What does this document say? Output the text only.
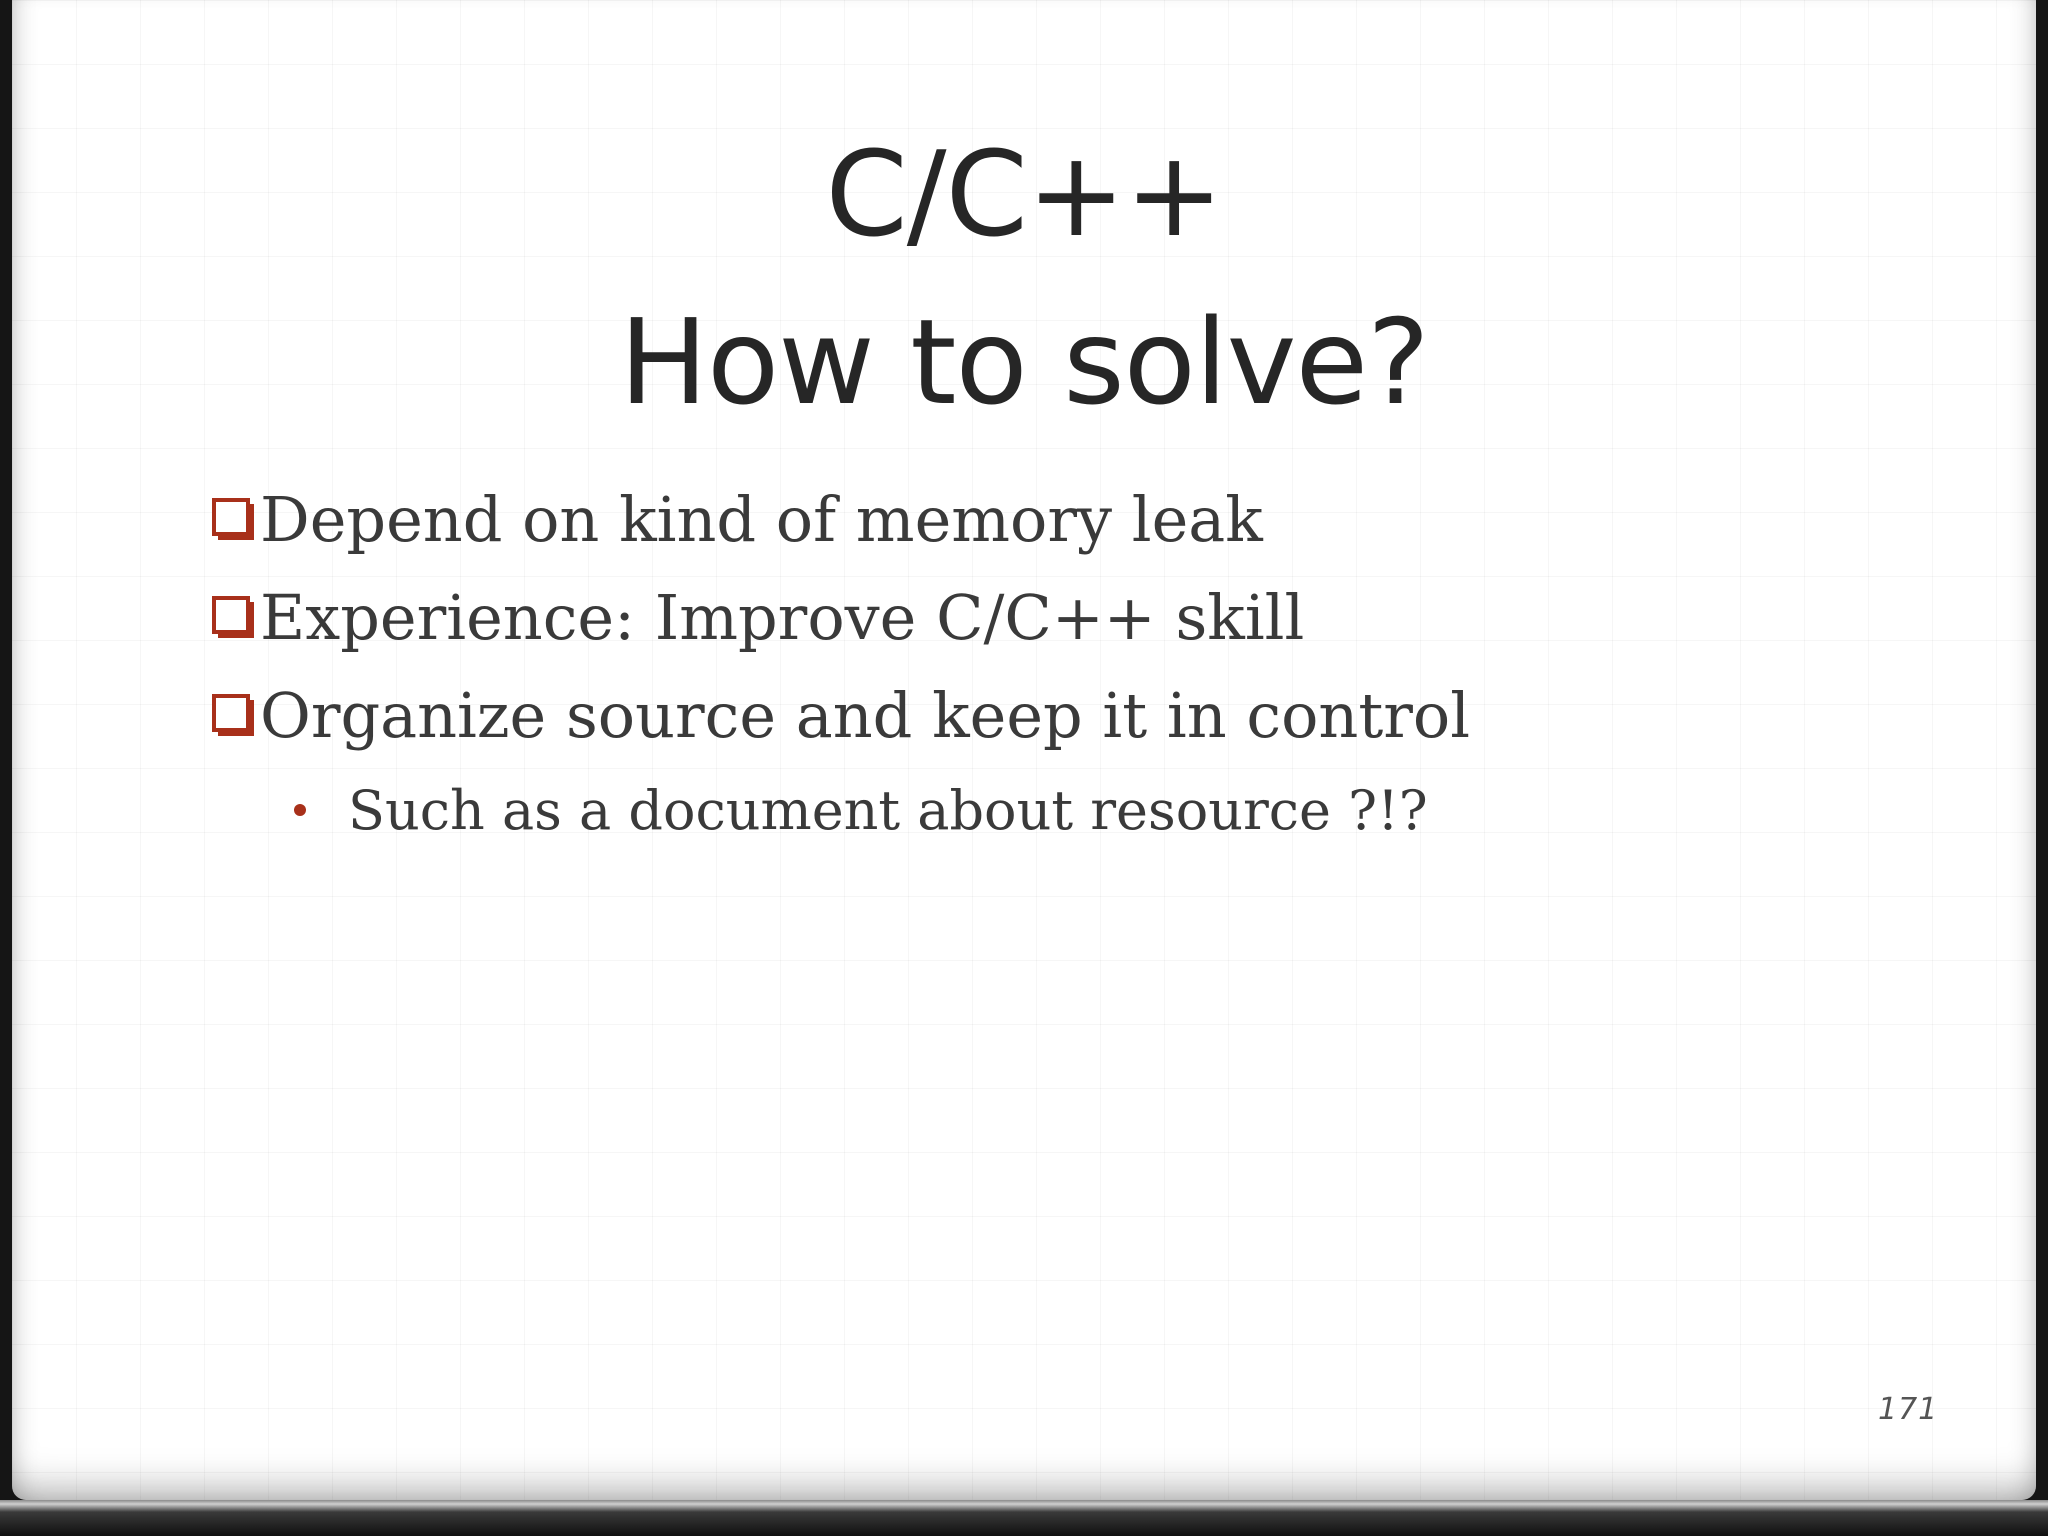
C/C++
How to solve?
Depend on kind of memory leak
Experience: Improve C/C++ skill
Organize source and keep it in control
Such as a document about resource ?!?
171
